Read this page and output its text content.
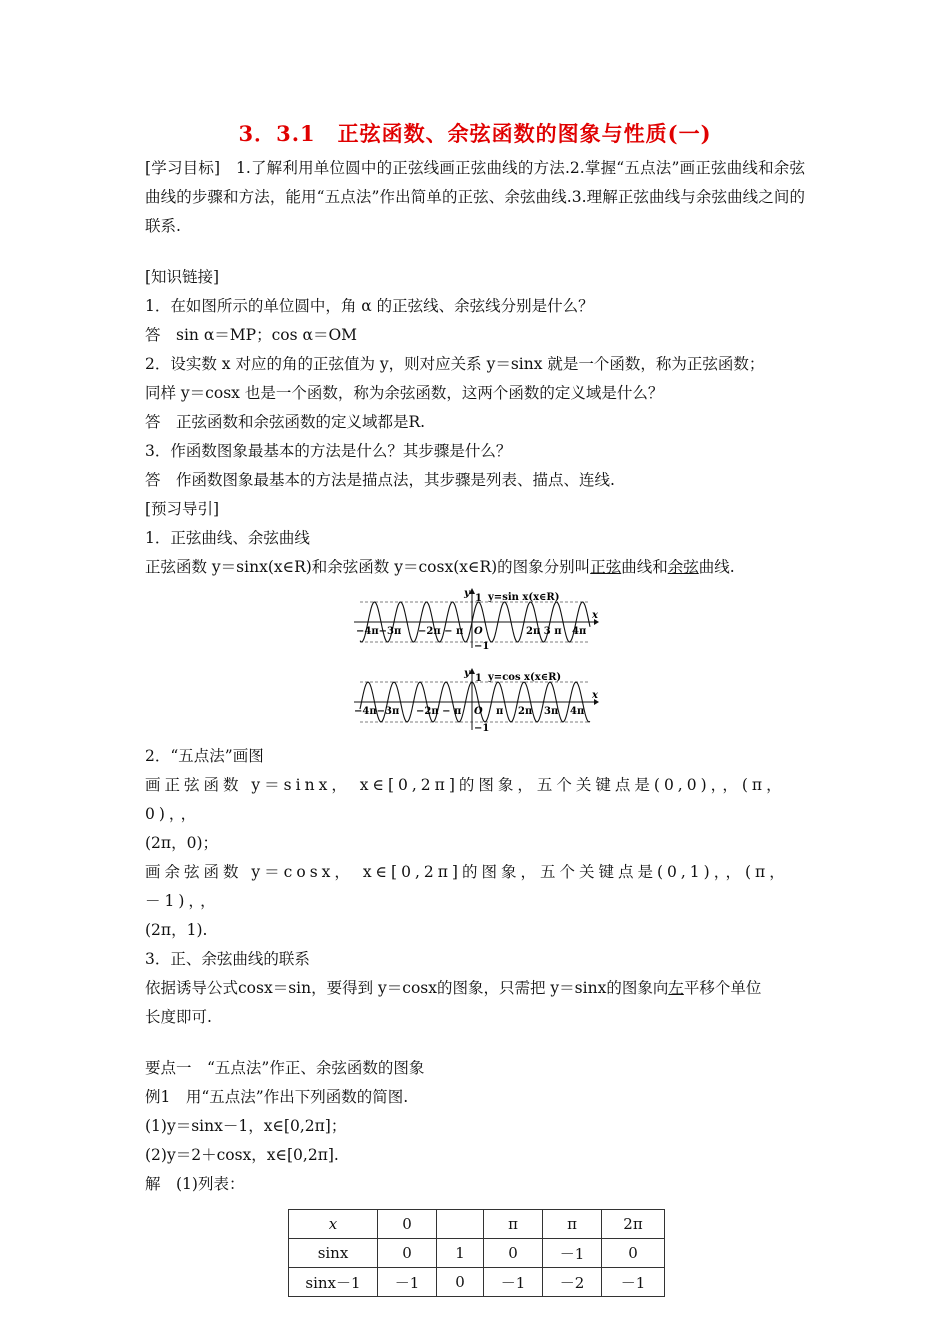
3．3.1　正弦函数、余弦函数的图象与性质(一)

[学习目标]　1.了解利用单位圆中的正弦线画正弦曲线的方法.2.掌握“五点法”画正弦曲线和余弦曲线的步骤和方法，能用“五点法”作出简单的正弦、余弦曲线.3.理解正弦曲线与余弦曲线之间的联系.

[知识链接]

1．在如图所示的单位圆中，角 α 的正弦线、余弦线分别是什么？

答　sin α＝MP；cos α＝OM

2．设实数 x 对应的角的正弦值为 y，则对应关系 y＝sinx 就是一个函数，称为正弦函数；

同样 y＝cosx 也是一个函数，称为余弦函数，这两个函数的定义域是什么？

答　正弦函数和余弦函数的定义域都是R.

3．作函数图象最基本的方法是什么？其步骤是什么？

答　作函数图象最基本的方法是描点法，其步骤是列表、描点、连线.

[预习导引]

1．正弦曲线、余弦曲线

正弦函数 y＝sinx(x∈R)和余弦函数 y＝cosx(x∈R)的图象分别叫正弦曲线和余弦曲线.

y 1 y=sin x(x∈R)
x
−4π−3π −2π − π O	2π 3 π 4π
−1
y 1 y=cos x(x∈R)
x
−4π−3π −2π − π O π 2π 3π 4π
−1

2．“五点法”画图

画正弦函数 y＝sinx， x∈[0,2π]的图象，五个关键点是(0,0)，，(π， 0)，，

(2π，0)；

画余弦函数 y＝cosx， x∈[0,2π]的图象，五个关键点是(0,1)，，(π， －1)，，

(2π，1).

3．正、余弦曲线的联系

依据诱导公式cosx＝sin，要得到 y＝cosx的图象，只需把 y＝sinx的图象向左平移个单位

长度即可.

要点一　“五点法”作正、余弦函数的图象

例1　用“五点法”作出下列函数的简图.

(1)y＝sinx－1，x∈[0,2π]；

(2)y＝2＋cosx，x∈[0,2π].

解　(1)列表：

x	0		π	π	2π
sinx	0	1	0	－1	0
sinx－1	－1	0	－1	－2	－1
